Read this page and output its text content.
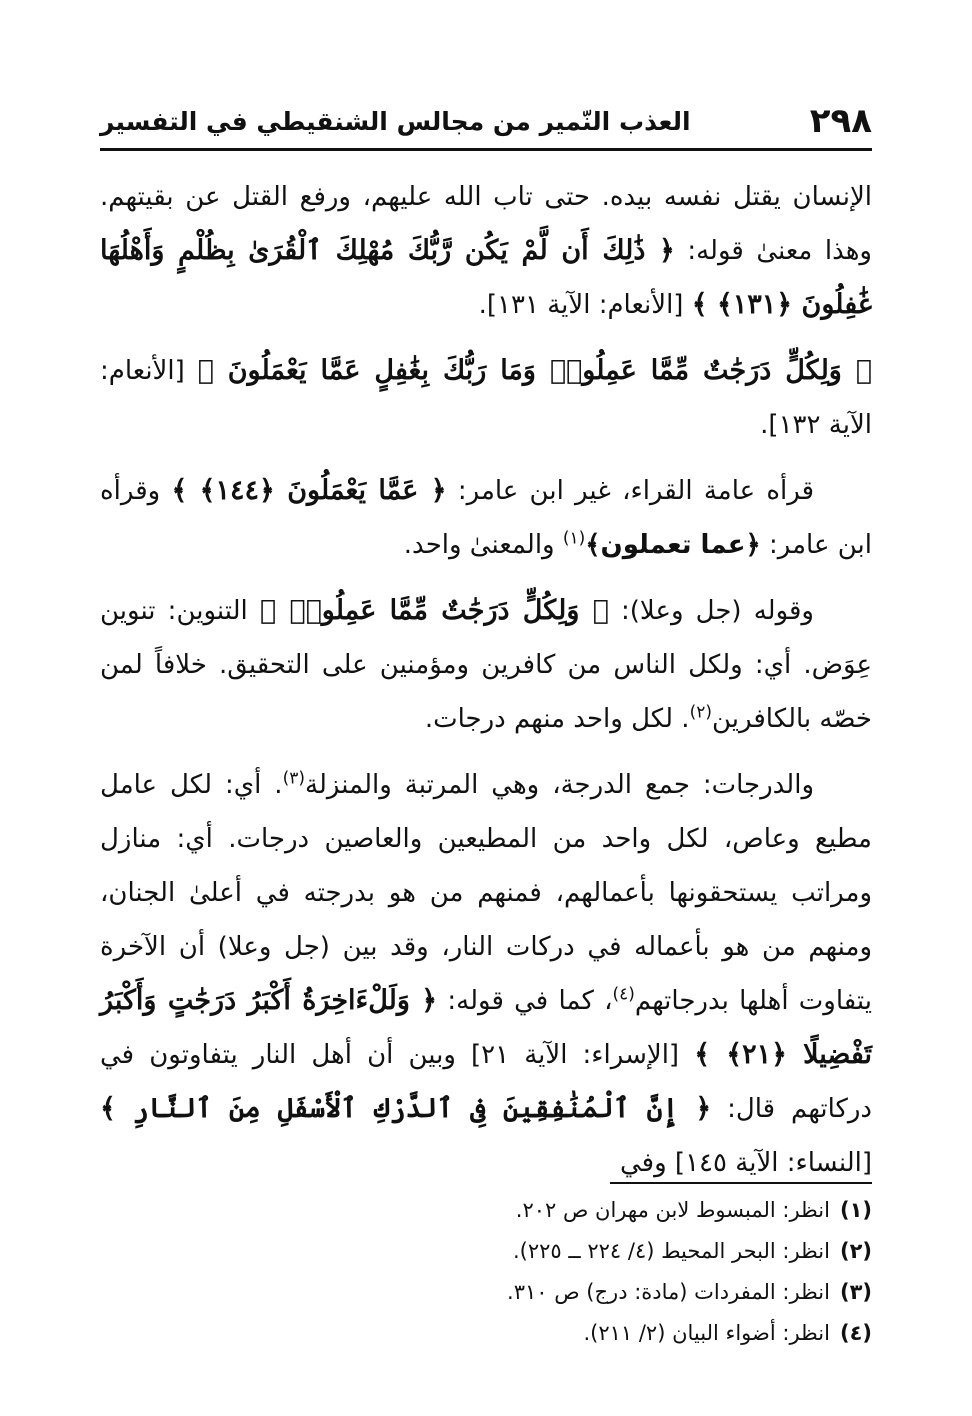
٢٩٨
العذب النّمير من مجالس الشنقيطي في التفسير

الإنسان يقتل نفسه بيده. حتى تاب الله عليهم، ورفع القتل عن بقيتهم. وهذا معنىٰ قوله: ﴿ ذَٰلِكَ أَن لَّمْ يَكُن رَّبُّكَ مُهْلِكَ ٱلْقُرَىٰ بِظُلْمٍ وَأَهْلُهَا غَٰفِلُونَ ﴿١٣١﴾ ﴾ [الأنعام: الآية ١٣١].

﴿ وَلِكُلٍّ دَرَجَٰتٌ مِّمَّا عَمِلُوا۟ وَمَا رَبُّكَ بِغَٰفِلٍ عَمَّا يَعْمَلُونَ ﴾ [الأنعام: الآية ١٣٢].

قرأه عامة القراء، غير ابن عامر: ﴿ عَمَّا يَعْمَلُونَ ﴿١٤٤﴾ ﴾ وقرأه ابن عامر: ﴿عما تعملون﴾$^{(١)}$ والمعنىٰ واحد.

وقوله (جل وعلا): ﴿ وَلِكُلٍّ دَرَجَٰتٌ مِّمَّا عَمِلُوا۟ ﴾ التنوين: تنوين عِوَض. أي: ولكل الناس من كافرين ومؤمنين على التحقيق. خلافاً لمن خصّه بالكافرين$^{(٢)}$. لكل واحد منهم درجات.

والدرجات: جمع الدرجة، وهي المرتبة والمنزلة$^{(٣)}$. أي: لكل عامل مطيع وعاص، لكل واحد من المطيعين والعاصين درجات. أي: منازل ومراتب يستحقونها بأعمالهم، فمنهم من هو بدرجته في أعلىٰ الجنان، ومنهم من هو بأعماله في دركات النار، وقد بين (جل وعلا) أن الآخرة يتفاوت أهلها بدرجاتهم$^{(٤)}$، كما في قوله: ﴿ وَلَلْءَاخِرَةُ أَكْبَرُ دَرَجَٰتٍ وَأَكْبَرُ تَفْضِيلًا ﴿٢١﴾ ﴾ [الإسراء: الآية ٢١] وبين أن أهل النار يتفاوتون في دركاتهم قال: ﴿ إِنَّ ٱلْمُنَٰفِقِينَ فِى ٱلدَّرْكِ ٱلْأَسْفَلِ مِنَ ٱلنَّارِ ﴾ [النساء: الآية ١٤٥] وفي

(١)انظر: المبسوط لابن مهران ص ٢٠٢.

(٢)انظر: البحر المحيط (٤/ ٢٢٤ ــ ٢٢٥).

(٣)انظر: المفردات (مادة: درج) ص ٣١٠.

(٤)انظر: أضواء البيان (٢/ ٢١١).
